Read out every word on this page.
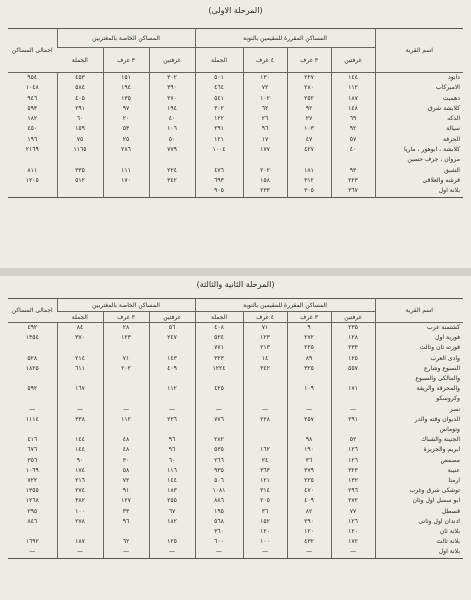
(المرحلة الاولى)
اسم القرية	المساكن المقررة للمقيمين بالنوبة				المساكن الخاصة بالمغتربين			اجمالى المساكن
	غرفتين	٣ غرف	٤ غرف	الجملة	غرفتين	٣ غرف	الجملة	
دابود	١٤٤	٢٢٧	١٣٠	٥٠١	٣٠٢	١٥١	٤٥٣	٩٥٤
الامبركاب	١١٢	٢٨٠	٧٢	٤٦٤	٣٩٠	١٩٤	٥٨٤	١٠٤٨
دهميت	١٨٧	٢٥٢	١٠٢	٥٤١	٢٧٠	١٣٥	٤٠٥	٩٤٦
كلابشة شرق	١٤٨	٩٢	٦٢	٣٠٢	١٩٤	٩٧	٢٩١	٥٩٣
الدكه	٦٩	٢٧	٢٦	١٢٢	٤٠	٢٠	٦٠	١٨٢
سيالة	٩٢	١٠٣	٩٦	٢٩١	١٠٦	٥٣	١٥٩	٤٥٠
الحرفة	٥٧	٤٧	١٧	١٢١	٥٠	٢٥	٧٥	١٩٦
كلابشة ، ابوهور ، ماريا	٤٠	٤٢٧	١٧٧	١٠٠٤	٧٧٩	٢٨٦	١١٦٥	٢١٦٩
مروان ، جرف حسين								
الشبق	٩٣	١٨١	٢٠٢	٤٧٦	٢٢٤	١١١	٣٣٥	٨١١
قرشه والعلاقى	٢٢٣	٣١٢	١٥٨	٦٩٣	٣٤٢	١٧٠	٥١٢	١٢٠٥
بلانة اول	٣٦٧	٣٠٥	٢٣٣	٩٠٥				
(المرحلة الثانية والثالثة)
اسم القرية	المساكن المقررة للمقيمين بالنوبة				المساكن الخاصة بالمغتربين			اجمالى المساكن
	غرفتين	٣ غرف	٤ غرف	الجملة	غرفتين	٣ غرف	الجملة	
كشتمنة غرب	٢٣٥	٩	٧١	٤٠٨	٥٦	٢٨	٨٤	٤٩٢
فورية اول	١٢٨	٢٧٢	١٢٣	٥٢٤	٢٤٧	١٢٣	٣٧٠	١٣٥٤
قورته ثان وثالث	٢٣٣	٢٢٥	٢١٣	٧٧١				
وادى العرب	١٢٥	٨٩	١٤	٣٢٣	١٤٣	٧١	٢١٤	٥٢٨
السبوع وشارع	٥٥٧	٣٢٥	٣٤٢	١٢٢٤	٤٠٩	٢٠٢	٦١١	١٨٢٥
والمالكى والسبوع								
والمحرقة والريقة	١٧١	١٠٩		٤٢٥	١١٢		١٦٧	٥٩٢
وكروسكو								
نصر	—	—	—	—	—	—	—	—
الديوان وقته والدر	٢٩١	٢٥٧	٢٢٨	٧٧٦	٢٢٦	١١٢	٣٣٨	١١١٤
وتوماس								
الجنينة والشباك	٥٢	٩٨		٢٨٢	٩٦	٤٨	١٤٤	٤١٦
ابريم والجزيرة	١٢٦	١٩٠	١٦٢	٥٣٥	٩٦	٤٨	١٤٤	٦٧٦
مصمص	١٢٦	٣٦	٢٤	٢٦٦	٦٠	٣٠	٩٠	٣٥٦
عنيبة	٣٢٣	٣٧٩	٣٦٣	٩٣٥	١١٦	٥٨	١٧٤	١٠٦٩
ارمنا	١٣٢	٢٢٥	١٢١	٥٠٦	١٤٤	٧٢	٢١٦	٧٢٢
توشكى شرق وغرب	٢٩٦	٤٧٠	٣١٤	١٠٨١	١٨٣	٩١	٢٧٤	١٣٥٥
ابو سمبل اول وثان	٢٧٢	٤٠٩	٢٠٥	٨٨٦	٢٥٥	١٢٧	٣٨٢	١٢٦٨
قسطل	٧٧	٨٢	٣٦	١٩٥	٦٧	٣٣	١٠٠	٢٩٥
ادندان اول وثانى	١٢٦	٢٩٠	١٥٢	٥٦٨	١٨٢	٩٦	٢٧٨	٨٤٦
بلانة ثان	١٢٠	١٢٠	١٢٠	٣٦٠				
بلانة ثالث	١٧٢	٤٣٢	١٠٠	٦٠٠	١٢٥	٦٢	١٨٧	١٦٩٢
بلانة اول	—	—	—	—	—	—	—	—
